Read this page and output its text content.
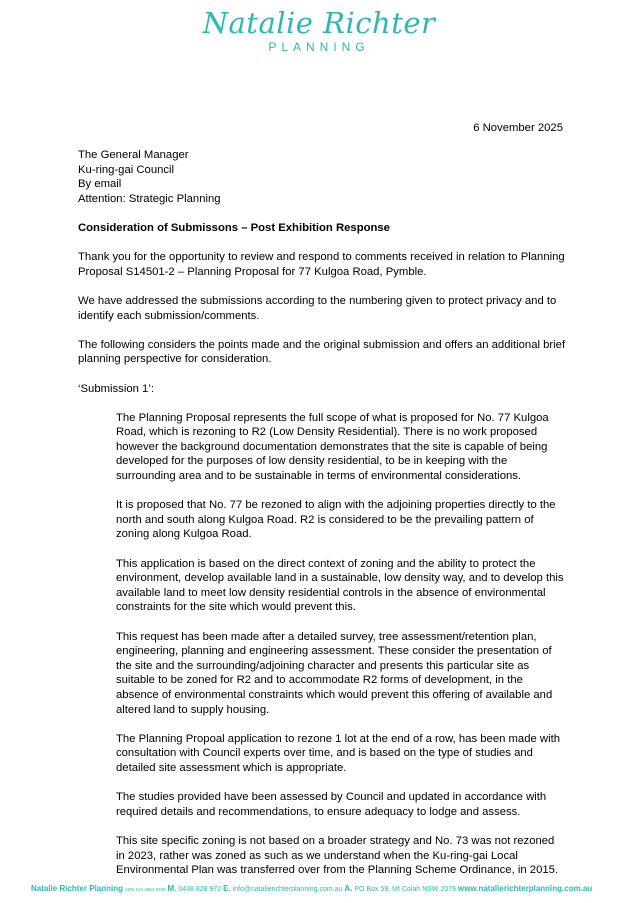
Natalie Richter
PLANNING
6 November 2025

The General Manager

Ku-ring-gai Council

By email

Attention: Strategic Planning

Consideration of Submissons – Post Exhibition Response

Thank you for the opportunity to review and respond to comments received in relation to Planning Proposal S14501-2 – Planning Proposal for 77 Kulgoa Road, Pymble.

We have addressed the submissions according to the numbering given to protect privacy and to identify each submission/comments.

The following considers the points made and the original submission and offers an additional brief planning perspective for consideration.

‘Submission 1’:

The Planning Proposal represents the full scope of what is proposed for No. 77 Kulgoa Road, which is rezoning to R2 (Low Density Residential). There is no work proposed however the background documentation demonstrates that the site is capable of being developed for the purposes of low density residential, to be in keeping with the surrounding area and to be sustainable in terms of environmental considerations.

It is proposed that No. 77 be rezoned to align with the adjoining properties directly to the north and south along Kulgoa Road. R2 is considered to be the prevailing pattern of zoning along Kulgoa Road.

This application is based on the direct context of zoning and the ability to protect the environment, develop available land in a sustainable, low density way, and to develop this available land to meet low density residential controls in the absence of environmental constraints for the site which would prevent this.

This request has been made after a detailed survey, tree assessment/retention plan, engineering, planning and engineering assessment. These consider the presentation of the site and the surrounding/adjoining character and presents this particular site as suitable to be zoned for R2 and to accommodate R2 forms of development, in the absence of environmental constraints which would prevent this offering of available and altered land to supply housing.

The Planning Propoal application to rezone 1 lot at the end of a row, has been made with consultation with Council experts over time, and is based on the type of studies and detailed site assessment which is appropriate.

The studies provided have been assessed by Council and updated in accordance with required details and recommendations, to ensure adequacy to lodge and assess.

This site specific zoning is not based on a broader strategy and No. 73 was not rezoned in 2023, rather was zoned as such as we understand when the Ku-ring-gai Local Environmental Plan was transferred over from the Planning Scheme Ordinance, in 2015.

Natalie Richter Planning ABN 126 3884 9336 M. 0438 828 972 E. info@natalierichterplanning.com.au A. PO Box 59, Mt Colah NSW 2079 www.natalierichterplanning.com.au
